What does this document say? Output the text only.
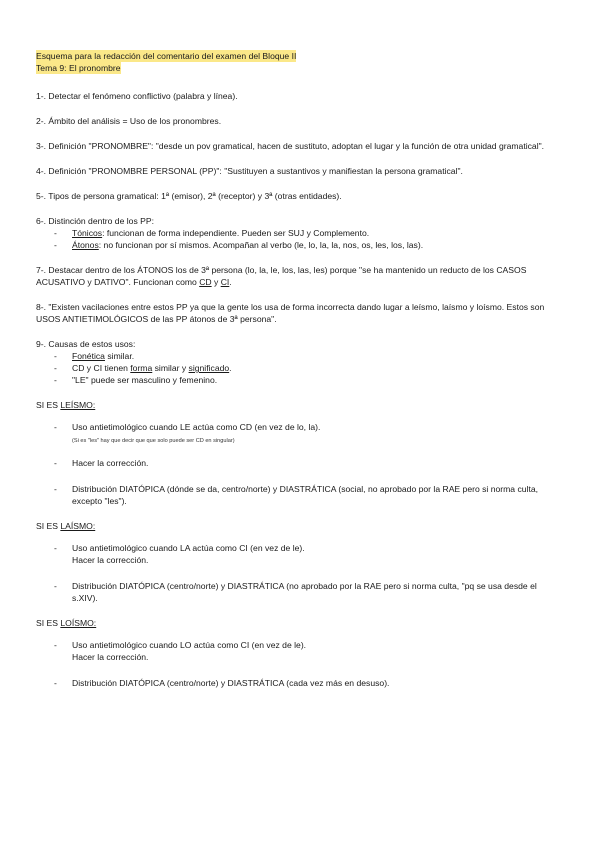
Esquema para la redacción del comentario del examen del Bloque II
Tema 9: El pronombre

1-. Detectar el fenómeno conflictivo (palabra y línea).

2-. Ámbito del análisis = Uso de los pronombres.

3-. Definición "PRONOMBRE": "desde un pov gramatical, hacen de sustituto, adoptan el lugar y la función de otra unidad gramatical".

4-. Definición "PRONOMBRE PERSONAL (PP)": "Sustituyen a sustantivos y manifiestan la persona gramatical".

5-. Tipos de persona gramatical: 1ª (emisor), 2ª (receptor) y 3ª (otras entidades).

6-. Distinción dentro de los PP:

- Tónicos: funcionan de forma independiente. Pueden ser SUJ y Complemento.
- Átonos: no funcionan por sí mismos. Acompañan al verbo (le, lo, la, la, nos, os, les, los, las).

7-. Destacar dentro de los ÁTONOS los de 3ª persona (lo, la, le, los, las, les) porque "se ha mantenido un reducto de los CASOS ACUSATIVO y DATIVO". Funcionan como CD y CI.

8-. "Existen vacilaciones entre estos PP ya que la gente los usa de forma incorrecta dando lugar a leísmo, laísmo y loísmo. Estos son USOS ANTIETIMOLÓGICOS de las PP átonos de 3ª persona".

9-. Causas de estos usos:

- Fonética similar.
- CD y CI tienen forma similar y significado.
- "LE" puede ser masculino y femenino.

SI ES LEÍSMO:

- Uso antietimológico cuando LE actúa como CD (en vez de lo, la).
(Si es "les" hay que decir que que solo puede ser CD en singular)
- Hacer la corrección.
- Distribución DIATÓPICA (dónde se da, centro/norte) y DIASTRÁTICA (social, no aprobado por la RAE pero si norma culta, excepto "les").

SI ES LAÍSMO:

- Uso antietimológico cuando LA actúa como CI (en vez de le).
Hacer la corrección.
- Distribución DIATÓPICA (centro/norte) y DIASTRÁTICA (no aprobado por la RAE pero si norma culta, "pq se usa desde el s.XIV).

SI ES LOÍSMO:

- Uso antietimológico cuando LO actúa como CI (en vez de le).
Hacer la corrección.
- Distribución DIATÓPICA (centro/norte) y DIASTRÁTICA (cada vez más en desuso).
